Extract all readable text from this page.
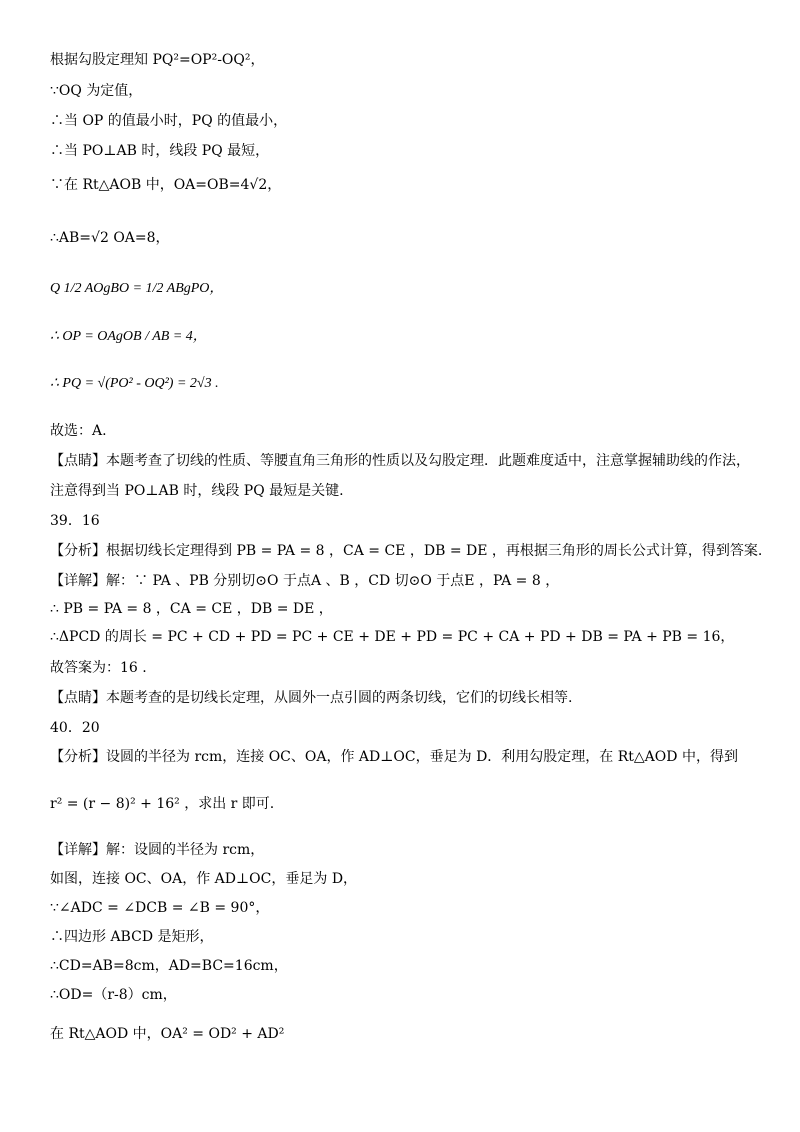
根据勾股定理知 PQ²=OP²-OQ²，
∵OQ 为定值，
∴当 OP 的值最小时，PQ 的值最小，
∴当 PO⊥AB 时，线段 PQ 最短，
∵在 Rt△AOB 中，OA=OB=4√2，
∴AB=√2 OA=8，
Q 1/2 AOgBO = 1/2 ABgPO，
∴ OP = OAgOB / AB = 4，
∴ PQ = √(PO² - OQ²) = 2√3 .
故选：A.
【点睛】本题考查了切线的性质、等腰直角三角形的性质以及勾股定理．此题难度适中，注意掌握辅助线的作法，
注意得到当 PO⊥AB 时，线段 PQ 最短是关键.
39．16
【分析】根据切线长定理得到 PB = PA = 8 ，CA = CE ，DB = DE ，再根据三角形的周长公式计算，得到答案.
【详解】解：∵ PA 、PB 分别切⊙O 于点A 、B ，CD 切⊙O 于点E ，PA = 8 ，
∴ PB = PA = 8 ，CA = CE ，DB = DE ，
∴ΔPCD 的周长 = PC + CD + PD = PC + CE + DE + PD = PC + CA + PD + DB = PA + PB = 16，
故答案为：16 .
【点睛】本题考查的是切线长定理，从圆外一点引圆的两条切线，它们的切线长相等.
40．20
【分析】设圆的半径为 rcm，连接 OC、OA，作 AD⊥OC，垂足为 D．利用勾股定理，在 Rt△AOD 中，得到
r² = (r − 8)² + 16² ，求出 r 即可.
【详解】解：设圆的半径为 rcm，
如图，连接 OC、OA，作 AD⊥OC，垂足为 D，
∵∠ADC = ∠DCB = ∠B = 90°，
∴四边形 ABCD 是矩形，
∴CD=AB=8cm，AD=BC=16cm，
∴OD=（r-8）cm，
在 Rt△AOD 中，OA² = OD² + AD²
